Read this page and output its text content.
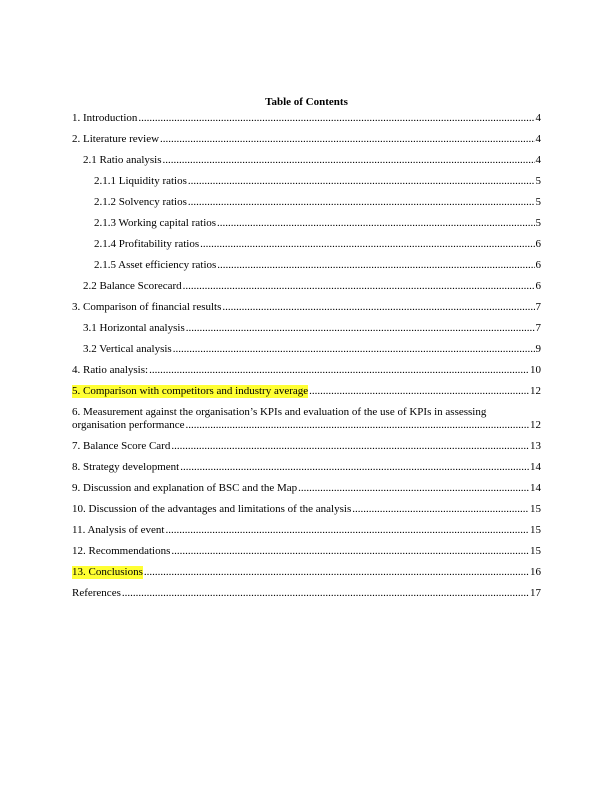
Table of Contents
1. Introduction .....	4
2. Literature review .....	4
2.1 Ratio analysis .....	4
2.1.1 Liquidity ratios .....	5
2.1.2 Solvency ratios .....	5
2.1.3 Working capital ratios .....	5
2.1.4 Profitability ratios .....	6
2.1.5 Asset efficiency ratios .....	6
2.2 Balance Scorecard .....	6
3. Comparison of financial results .....	7
3.1 Horizontal analysis .....	7
3.2 Vertical analysis .....	9
4. Ratio analysis: .....	10
5. Comparison with competitors and industry average .....	12
6. Measurement against the organisation’s KPIs and evaluation of the use of KPIs in assessing
organisation performance .....	12
7. Balance Score Card .....	13
8. Strategy development .....	14
9. Discussion and explanation of BSC and the Map .....	14
10. Discussion of the advantages and limitations of the analysis .....	15
11. Analysis of event .....	15
12. Recommendations .....	15
13. Conclusions .....	16
References .....	17
